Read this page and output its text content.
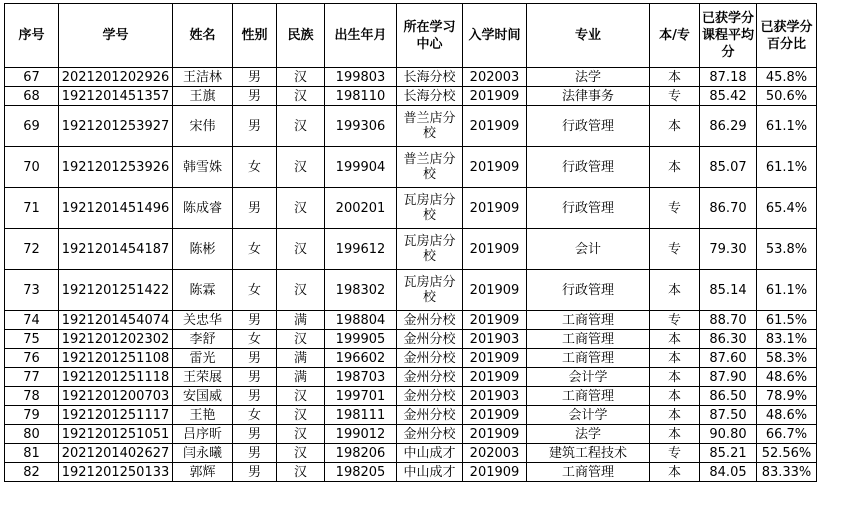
序号	学号	姓名	性别	民族	出生年月	所在学习中心	入学时间	专业	本/专	已获学分课程平均分	已获学分百分比
67	2021201202926	王洁林	男	汉	199803	长海分校	202003	法学	本	87.18	45.8%
68	1921201451357	王旗	男	汉	198110	长海分校	201909	法律事务	专	85.42	50.6%
69	1921201253927	宋伟	男	汉	199306	普兰店分校	201909	行政管理	本	86.29	61.1%
70	1921201253926	韩雪姝	女	汉	199904	普兰店分校	201909	行政管理	本	85.07	61.1%
71	1921201451496	陈成睿	男	汉	200201	瓦房店分校	201909	行政管理	专	86.70	65.4%
72	1921201454187	陈彬	女	汉	199612	瓦房店分校	201909	会计	专	79.30	53.8%
73	1921201251422	陈霖	女	汉	198302	瓦房店分校	201909	行政管理	本	85.14	61.1%
74	1921201454074	关忠华	男	满	198804	金州分校	201909	工商管理	专	88.70	61.5%
75	1921201202302	李舒	女	汉	199905	金州分校	201903	工商管理	本	86.30	83.1%
76	1921201251108	雷光	男	满	196602	金州分校	201909	工商管理	本	87.60	58.3%
77	1921201251118	王荣展	男	满	198703	金州分校	201909	会计学	本	87.90	48.6%
78	1921201200703	安国威	男	汉	199701	金州分校	201903	工商管理	本	86.50	78.9%
79	1921201251117	王艳	女	汉	198111	金州分校	201909	会计学	本	87.50	48.6%
80	1921201251051	吕序昕	男	汉	199012	金州分校	201909	法学	本	90.80	66.7%
81	2021201402627	闫永曦	男	汉	198206	中山成才	202003	建筑工程技术	专	85.21	52.56%
82	1921201250133	郭辉	男	汉	198205	中山成才	201909	工商管理	本	84.05	83.33%
